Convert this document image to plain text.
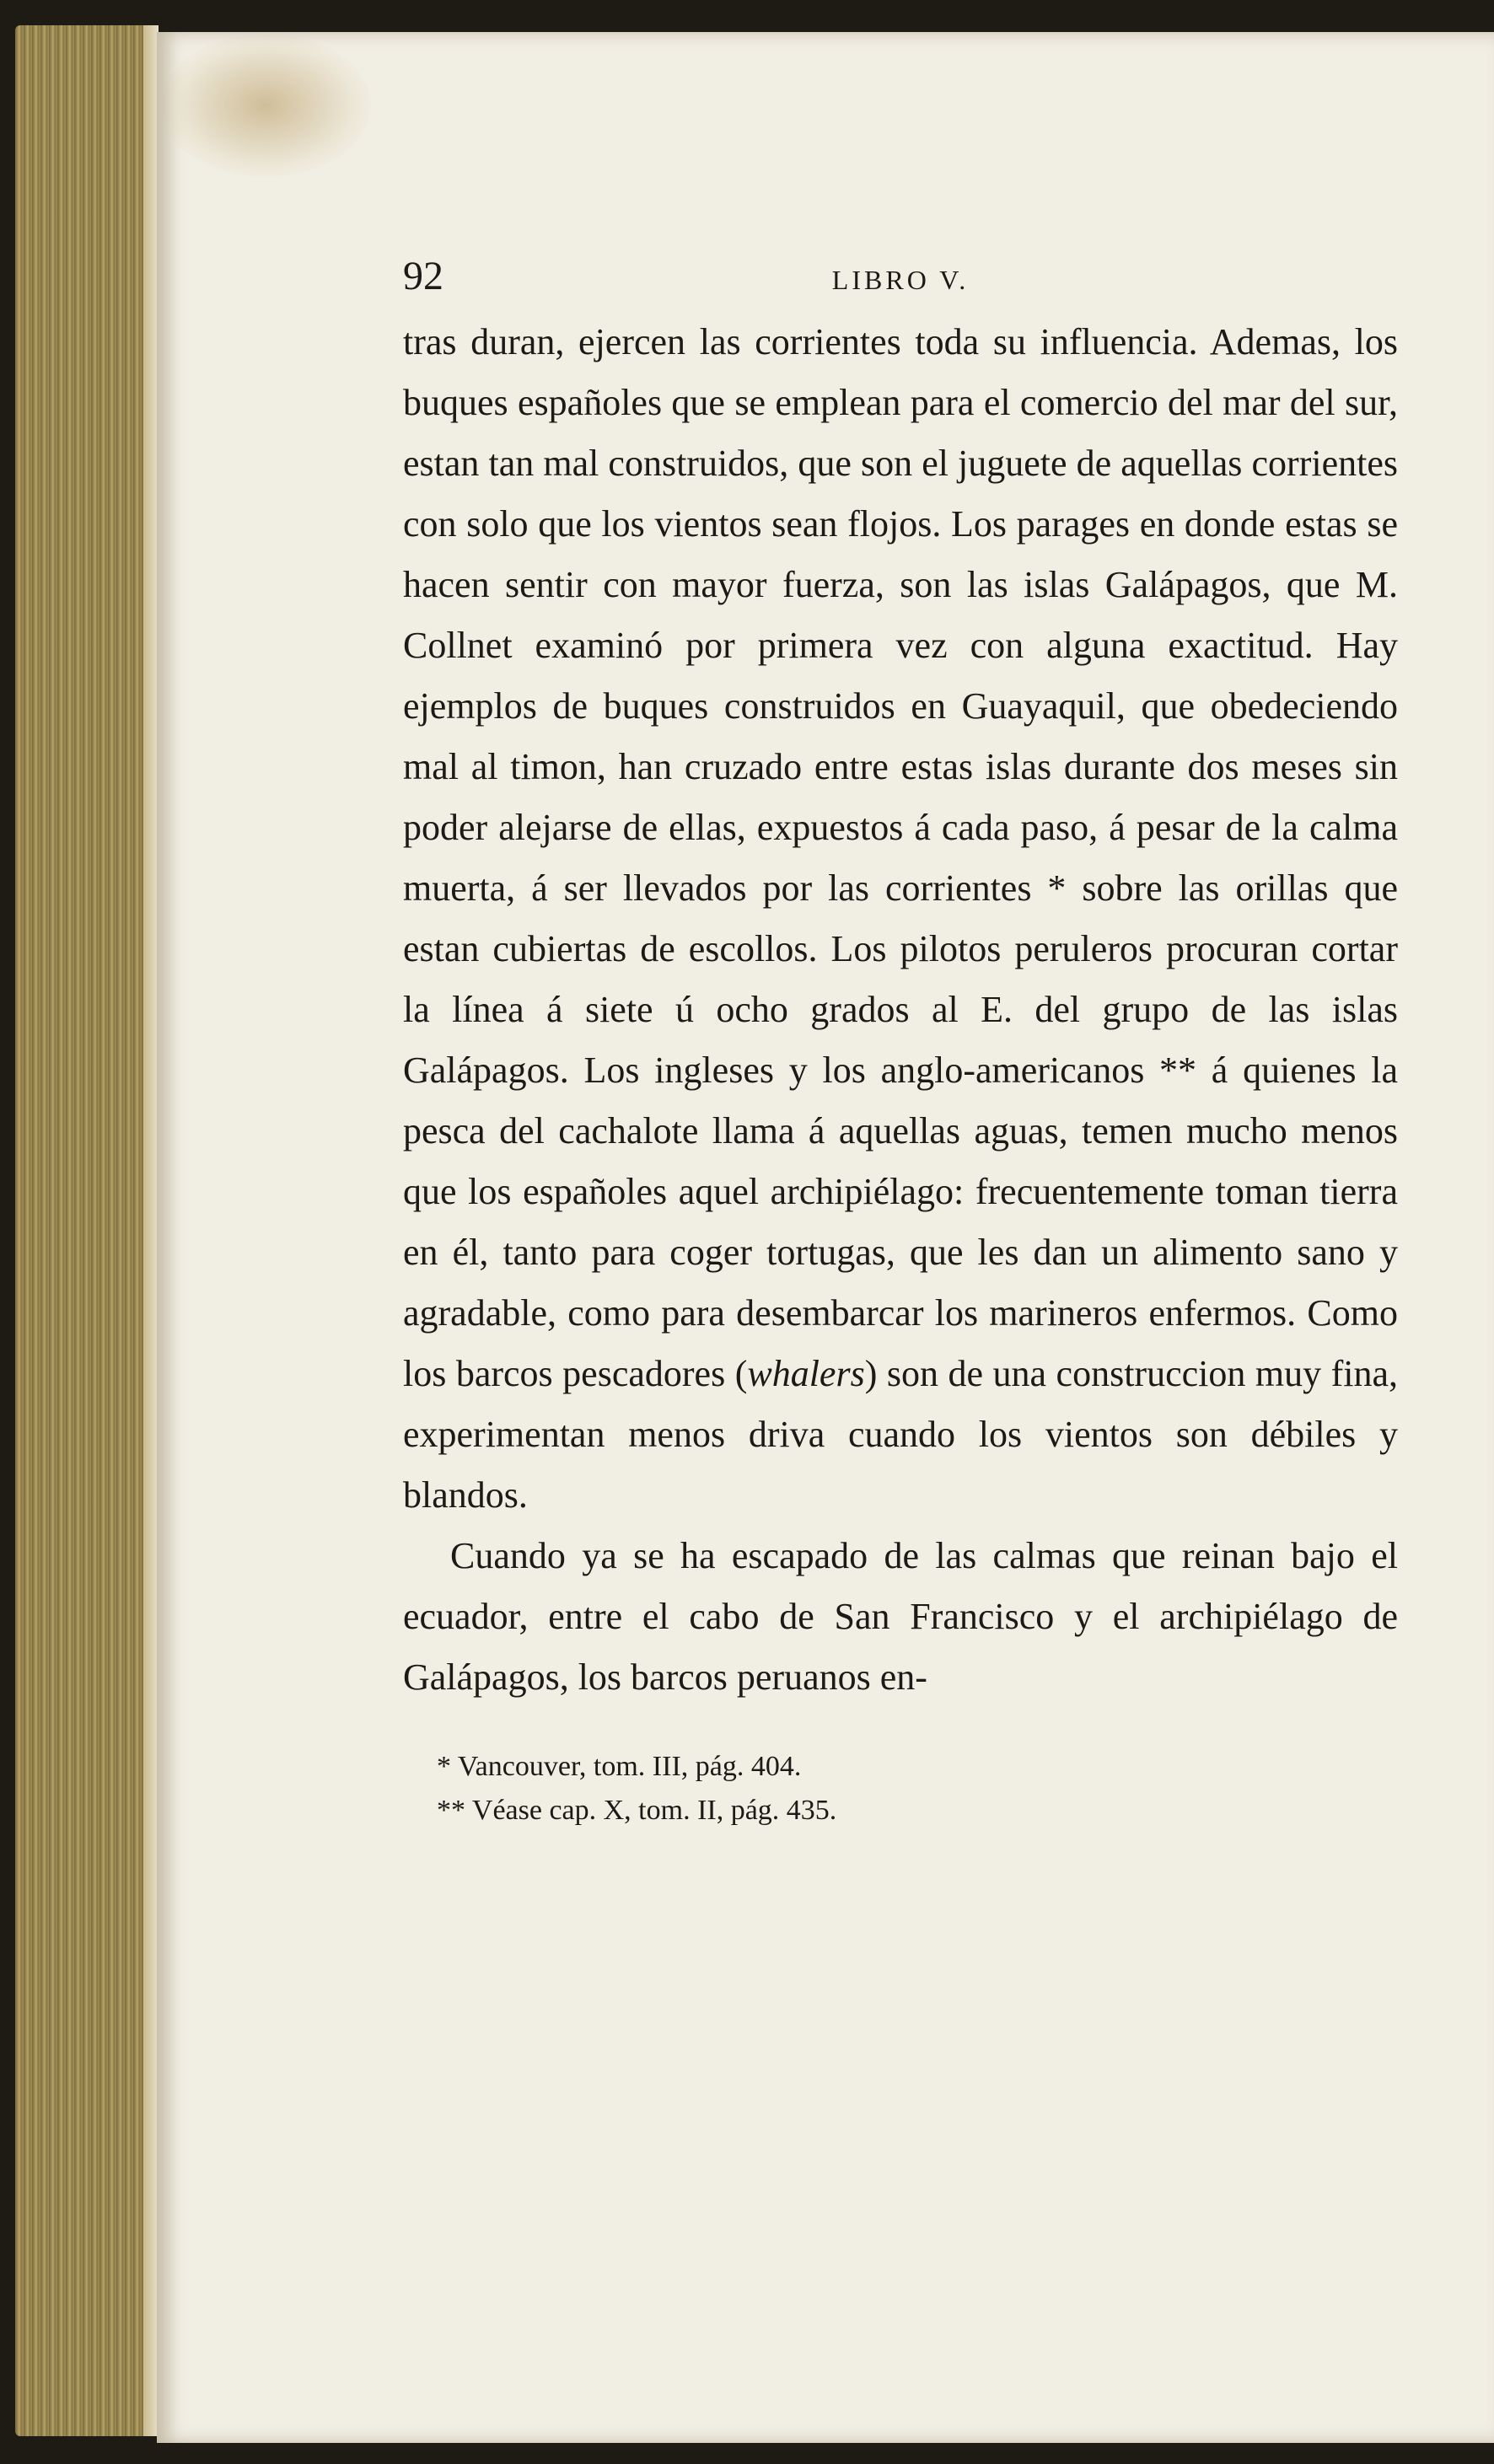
92	LIBRO V.

tras duran, ejercen las corrientes toda su influencia. Ademas, los buques españoles que se emplean para el comercio del mar del sur, estan tan mal construidos, que son el juguete de aquellas corrientes con solo que los vientos sean flojos. Los parages en donde estas se hacen sentir con mayor fuerza, son las islas Galápagos, que M. Collnet examinó por primera vez con alguna exactitud. Hay ejemplos de buques construidos en Guayaquil, que obedeciendo mal al timon, han cruzado entre estas islas durante dos meses sin poder alejarse de ellas, expuestos á cada paso, á pesar de la calma muerta, á ser llevados por las corrientes * sobre las orillas que estan cubiertas de escollos. Los pilotos peruleros procuran cortar la línea á siete ú ocho grados al E. del grupo de las islas Galápagos. Los ingleses y los anglo-americanos ** á quienes la pesca del cachalote llama á aquellas aguas, temen mucho menos que los españoles aquel archipiélago: frecuentemente toman tierra en él, tanto para coger tortugas, que les dan un alimento sano y agradable, como para desembarcar los marineros enfermos. Como los barcos pescadores (whalers) son de una construccion muy fina, experimentan menos driva cuando los vientos son débiles y blandos.

Cuando ya se ha escapado de las calmas que reinan bajo el ecuador, entre el cabo de San Francisco y el archipiélago de Galápagos, los barcos peruanos en-

* Vancouver, tom. III, pág. 404.
** Véase cap. X, tom. II, pág. 435.
